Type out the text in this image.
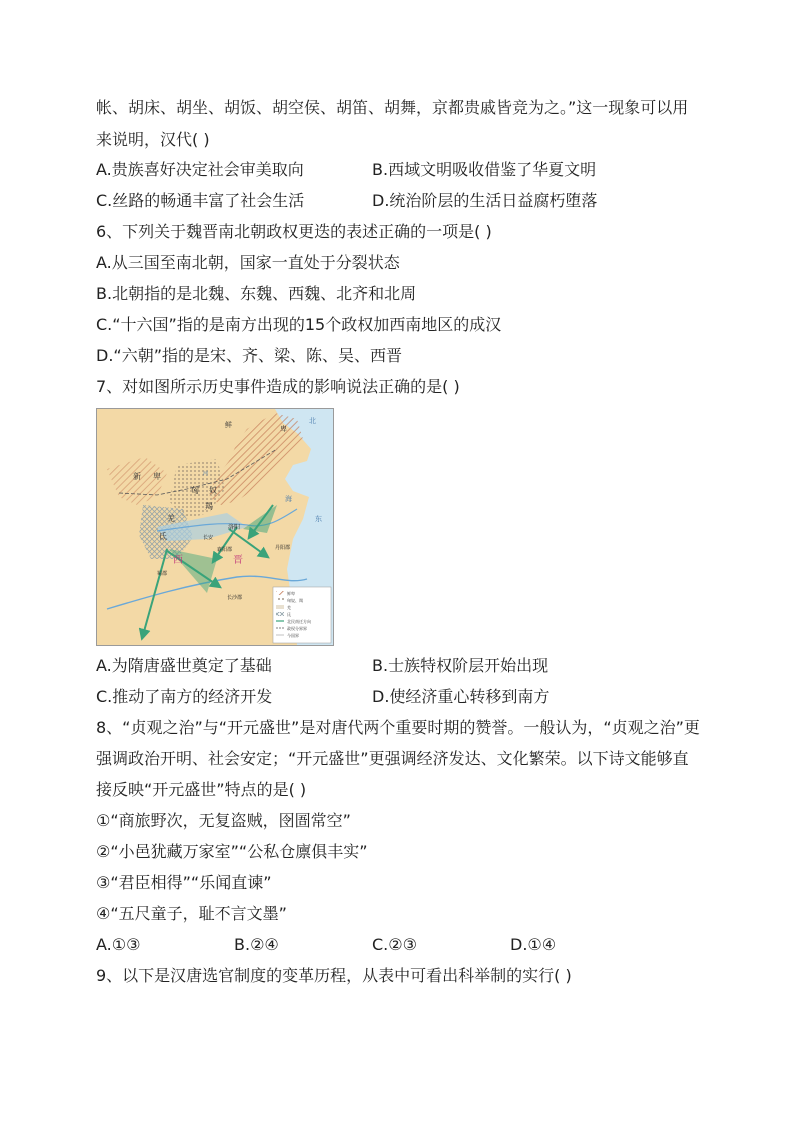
帐、胡床、胡坐、胡饭、胡空侯、胡笛、胡舞，京都贵戚皆竞为之。”这一现象可以用
来说明，汉代( )
A.贵族喜好决定社会审美取向	B.西域文明吸收借鉴了华夏文明
C.丝路的畅通丰富了社会生活	D.统治阶层的生活日益腐朽堕落
6、下列关于魏晋南北朝政权更迭的表述正确的一项是( )
A.从三国至南北朝，国家一直处于分裂状态
B.北朝指的是北魏、东魏、西魏、北齐和北周
C.“十六国”指的是南方出现的15个政权加西南地区的成汉
D.“六朝”指的是宋、齐、梁、陈、吴、西晋
7、对如图所示历史事件造成的影响说法正确的是( )
鲜	卑
北
新 卑
匈 奴
羯
羌
氐
洛阳
长安
西	晋
襄阳郡	丹阳郡
蜀郡
长沙郡
海
东
河
鲜卑
匈奴、羯
羌
氐
北民南迁方向
政权分界界
今国界
A.为隋唐盛世奠定了基础	B.士族特权阶层开始出现
C.推动了南方的经济开发	D.使经济重心转移到南方
8、“贞观之治”与“开元盛世”是对唐代两个重要时期的赞誉。一般认为，“贞观之治”更
强调政治开明、社会安定；“开元盛世”更强调经济发达、文化繁荣。以下诗文能够直
接反映“开元盛世”特点的是( )
①“商旅野次，无复盗贼，囹圄常空”
②“小邑犹藏万家室”“公私仓廪俱丰实”
③“君臣相得”“乐闻直谏”
④“五尺童子，耻不言文墨”
A.①③	B.②④	C.②③	D.①④
9、以下是汉唐选官制度的变革历程，从表中可看出科举制的实行( )
